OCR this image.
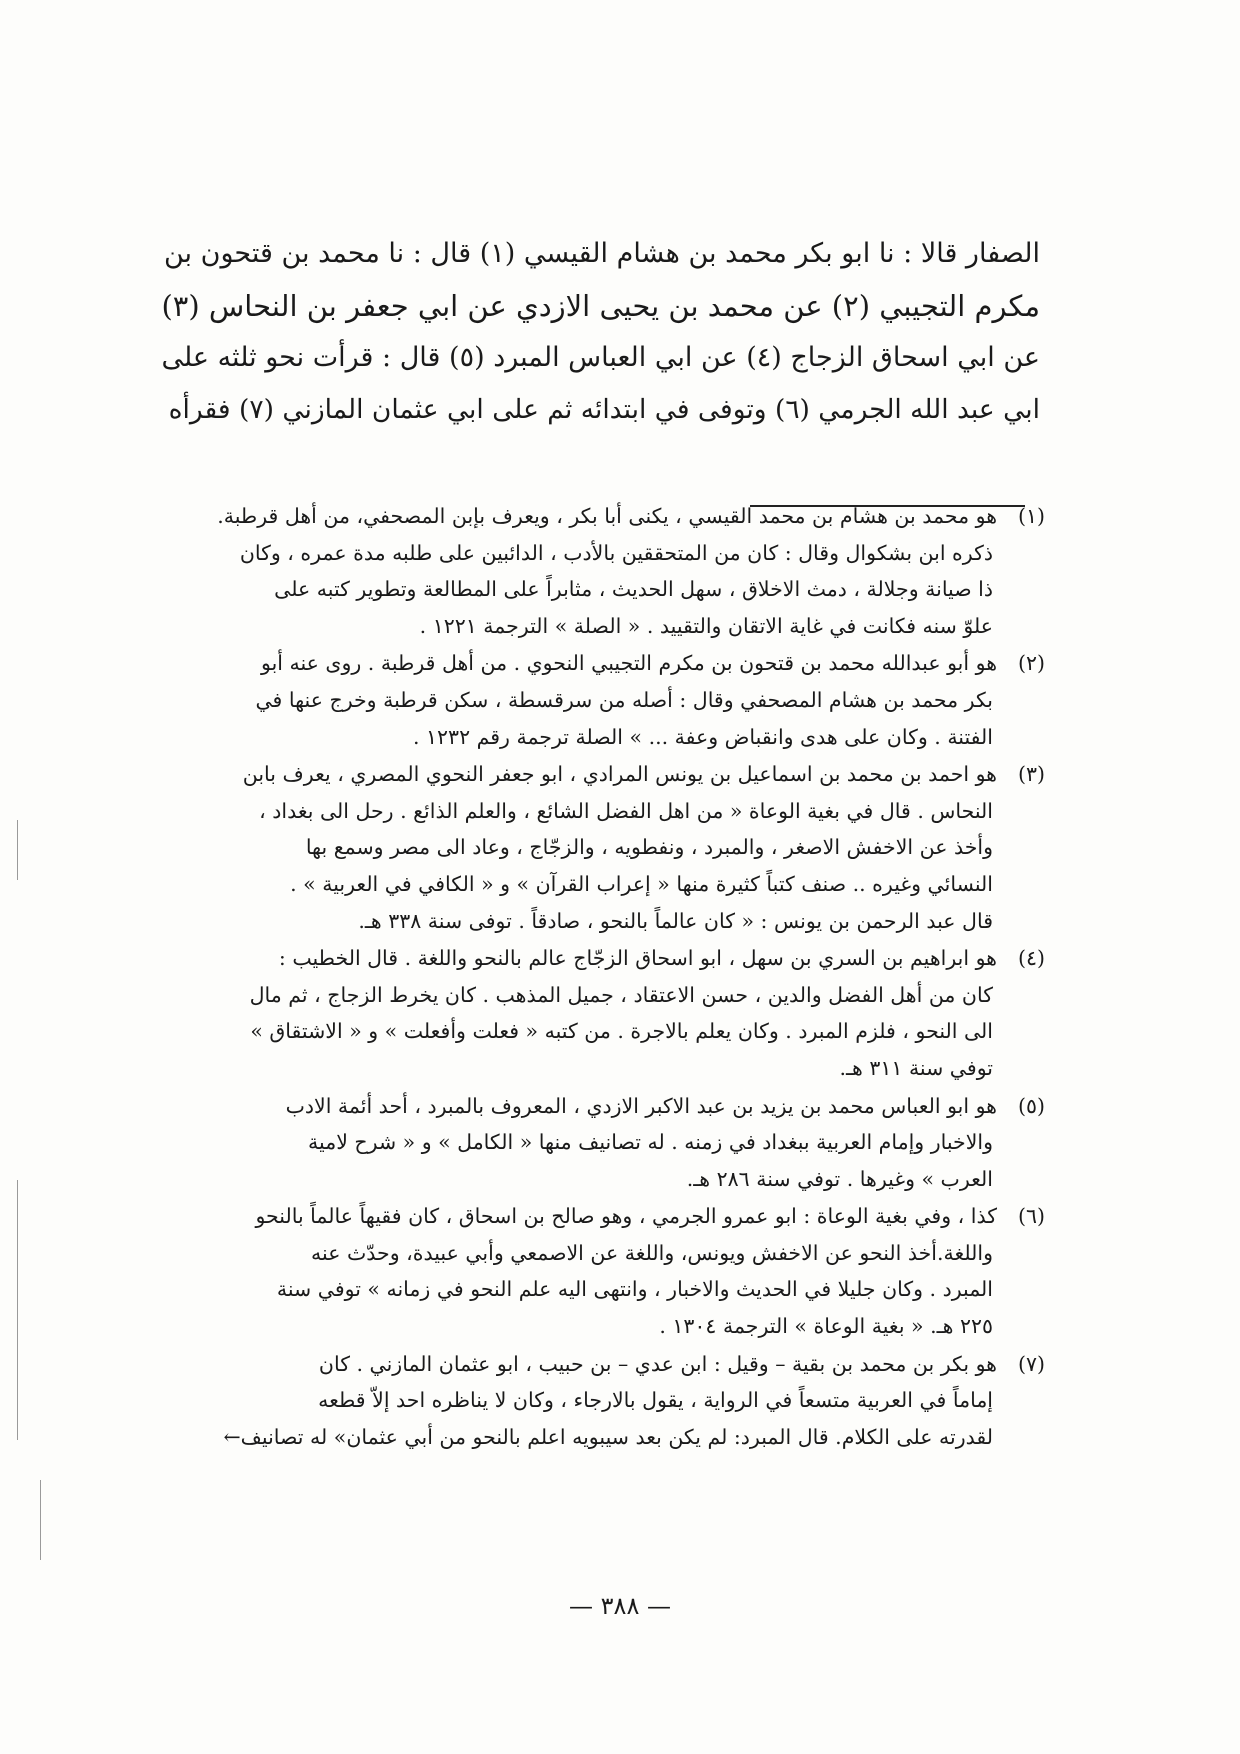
الصفار قالا : نا ابو بكر محمد بن هشام القيسي (١) قال : نا محمد بن قتحون بن
مكرم التجيبي (٢) عن محمد بن يحيى الازدي عن ابي جعفر بن النحاس (٣)
عن ابي اسحاق الزجاج (٤) عن ابي العباس المبرد (٥) قال : قرأت نحو ثلثه على
ابي عبد الله الجرمي (٦) وتوفى في ابتدائه ثم على ابي عثمان المازني (٧) فقرأه
(١)هو محمد بن هشام بن محمد القيسي ، يكنى أبا بكر ، ويعرف بإبن المصحفي، من أهل قرطبة.
ذكره ابن بشكوال وقال : كان من المتحققين بالأدب ، الدائبين على طلبه مدة عمره ، وكان
ذا صيانة وجلالة ، دمث الاخلاق ، سهل الحديث ، مثابراً على المطالعة وتطوير كتبه على
علوّ سنه فكانت في غاية الاتقان والتقييد . « الصلة » الترجمة ١٢٢١ .
(٢)هو أبو عبدالله محمد بن قتحون بن مكرم التجيبي النحوي . من أهل قرطبة . روى عنه أبو
بكر محمد بن هشام المصحفي وقال : أصله من سرقسطة ، سكن قرطبة وخرج عنها في
الفتنة . وكان على هدى وانقباض وعفة ... » الصلة ترجمة رقم ١٢٣٢ .
(٣)هو احمد بن محمد بن اسماعيل بن يونس المرادي ، ابو جعفر النحوي المصري ، يعرف بابن
النحاس . قال في بغية الوعاة « من اهل الفضل الشائع ، والعلم الذائع . رحل الى بغداد ،
وأخذ عن الاخفش الاصغر ، والمبرد ، ونفطويه ، والزجّاج ، وعاد الى مصر وسمع بها
النسائي وغيره .. صنف كتباً كثيرة منها « إعراب القرآن » و « الكافي في العربية » .
قال عبد الرحمن بن يونس : « كان عالماً بالنحو ، صادقاً . توفى سنة ٣٣٨ هـ.
(٤)هو ابراهيم بن السري بن سهل ، ابو اسحاق الزجّاج عالم بالنحو واللغة . قال الخطيب :
كان من أهل الفضل والدين ، حسن الاعتقاد ، جميل المذهب . كان يخرط الزجاج ، ثم مال
الى النحو ، فلزم المبرد . وكان يعلم بالاجرة . من كتبه « فعلت وأفعلت » و « الاشتقاق »
توفي سنة ٣١١ هـ.
(٥)هو ابو العباس محمد بن يزيد بن عبد الاكبر الازدي ، المعروف بالمبرد ، أحد أئمة الادب
والاخبار وإمام العربية ببغداد في زمنه . له تصانيف منها « الكامل » و « شرح لامية
العرب » وغيرها . توفي سنة ٢٨٦ هـ.
(٦)كذا ، وفي بغية الوعاة : ابو عمرو الجرمي ، وهو صالح بن اسحاق ، كان فقيهاً عالماً بالنحو
واللغة.أخذ النحو عن الاخفش ويونس، واللغة عن الاصمعي وأبي عبيدة، وحدّث عنه
المبرد . وكان جليلا في الحديث والاخبار ، وانتهى اليه علم النحو في زمانه » توفي سنة
٢٢٥ هـ. « بغية الوعاة » الترجمة ١٣٠٤ .
(٧)هو بكر بن محمد بن بقية – وقيل : ابن عدي – بن حبيب ، ابو عثمان المازني . كان
إماماً في العربية متسعاً في الرواية ، يقول بالارجاء ، وكان لا يناظره احد إلاّ قطعه
لقدرته على الكلام. قال المبرد: لم يكن بعد سيبويه اعلم بالنحو من أبي عثمان» له تصانيف←
— ٣٨٨ —
